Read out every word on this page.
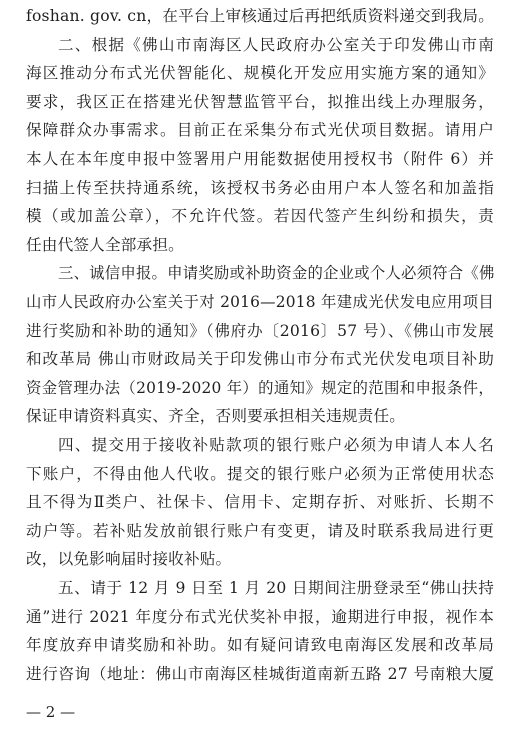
foshan. gov. cn，在平台上审核通过后再把纸质资料递交到我局。
二、根据《佛山市南海区人民政府办公室关于印发佛山市南
海区推动分布式光伏智能化、规模化开发应用实施方案的通知》
要求，我区正在搭建光伏智慧监管平台，拟推出线上办理服务，
保障群众办事需求。目前正在采集分布式光伏项目数据。请用户
本人在本年度申报中签署用户用能数据使用授权书（附件 6）并
扫描上传至扶持通系统，该授权书务必由用户本人签名和加盖指
模（或加盖公章），不允许代签。若因代签产生纠纷和损失，责
任由代签人全部承担。
三、诚信申报。申请奖励或补助资金的企业或个人必须符合《佛
山市人民政府办公室关于对 2016—2018 年建成光伏发电应用项目
进行奖励和补助的通知》（佛府办〔2016〕57 号）、《佛山市发展
和改革局 佛山市财政局关于印发佛山市分布式光伏发电项目补助
资金管理办法（2019-2020 年）的通知》规定的范围和申报条件，
保证申请资料真实、齐全，否则要承担相关违规责任。
四、提交用于接收补贴款项的银行账户必须为申请人本人名
下账户，不得由他人代收。提交的银行账户必须为正常使用状态
且不得为Ⅱ类户、社保卡、信用卡、定期存折、对账折、长期不
动户等。若补贴发放前银行账户有变更，请及时联系我局进行更
改，以免影响届时接收补贴。
五、请于 12 月 9 日至 1 月 20 日期间注册登录至“佛山扶持
通”进行 2021 年度分布式光伏奖补申报，逾期进行申报，视作本
年度放弃申请奖励和补助。如有疑问请致电南海区发展和改革局
进行咨询（地址：佛山市南海区桂城街道南新五路 27 号南粮大厦
— 2 —
